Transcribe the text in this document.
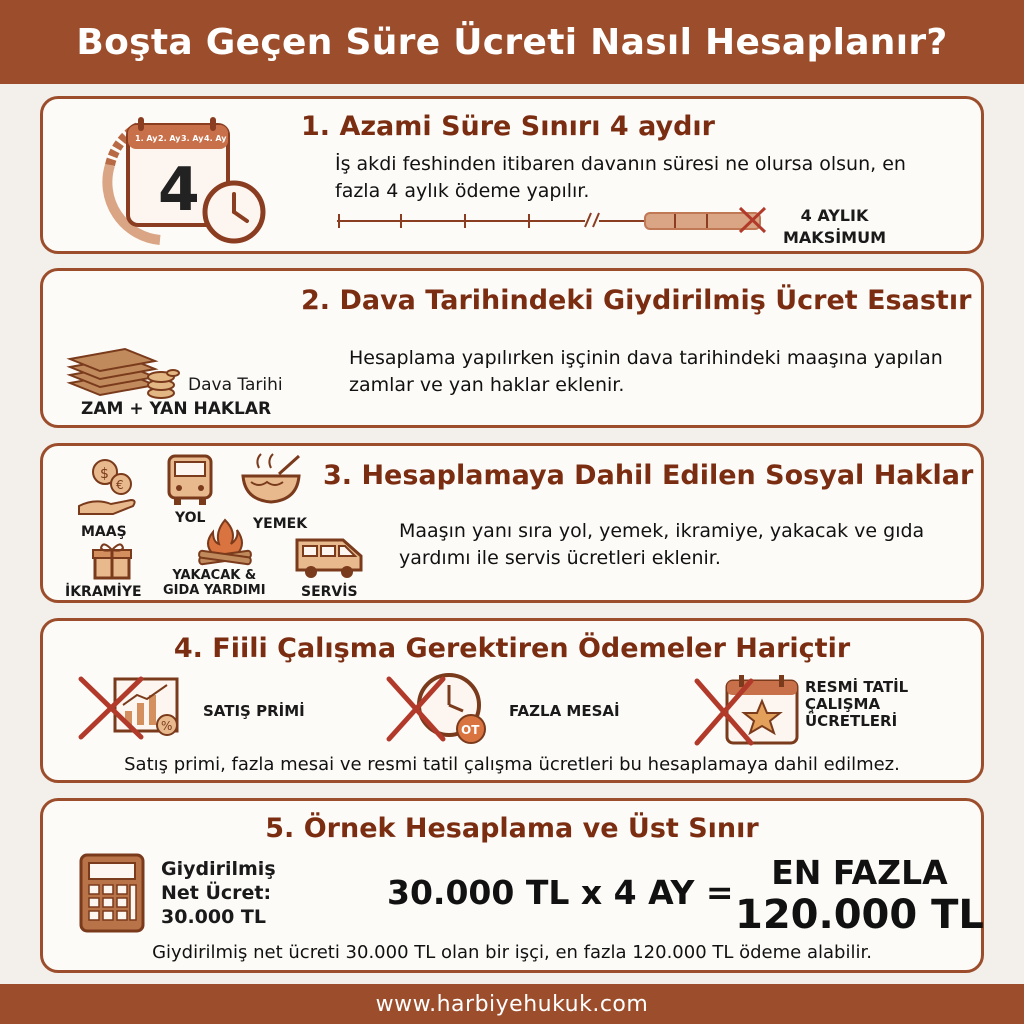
Boşta Geçen Süre Ücreti Nasıl Hesaplanır?
1. Ay 2. Ay 3. Ay 4. Ay
4
1. Azami Süre Sınırı 4 aydır
İş akdi feshinden itibaren davanın süresi ne olursa olsun, en fazla 4 aylık ödeme yapılır.
4 AYLIK
MAKSİMUM
2. Dava Tarihindeki Giydirilmiş Ücret Esastır
Dava Tarihi
ZAM + YAN HAKLAR
Hesaplama yapılırken işçinin dava tarihindeki maaşına yapılan zamlar ve yan haklar eklenir.
3. Hesaplamaya Dahil Edilen Sosyal Haklar
$
€
MAAŞ
YOL	YEMEK
İKRAMİYE
YAKACAK &
GIDA YARDIMI	SERVİS
Maaşın yanı sıra yol, yemek, ikramiye, yakacak ve gıda yardımı ile servis ücretleri eklenir.
4. Fiili Çalışma Gerektiren Ödemeler Hariçtir
%
SATIŞ PRİMİ
OT
FAZLA MESAİ
RESMİ TATİL
ÇALIŞMA
ÜCRETLERİ
Satış primi, fazla mesai ve resmi tatil çalışma ücretleri bu hesaplamaya dahil edilmez.
5. Örnek Hesaplama ve Üst Sınır
Giydirilmiş
Net Ücret:
30.000 TL
30.000 TL x 4 AY =
EN FAZLA
120.000 TL
Giydirilmiş net ücreti 30.000 TL olan bir işçi, en fazla 120.000 TL ödeme alabilir.
www.harbiyehukuk.com
